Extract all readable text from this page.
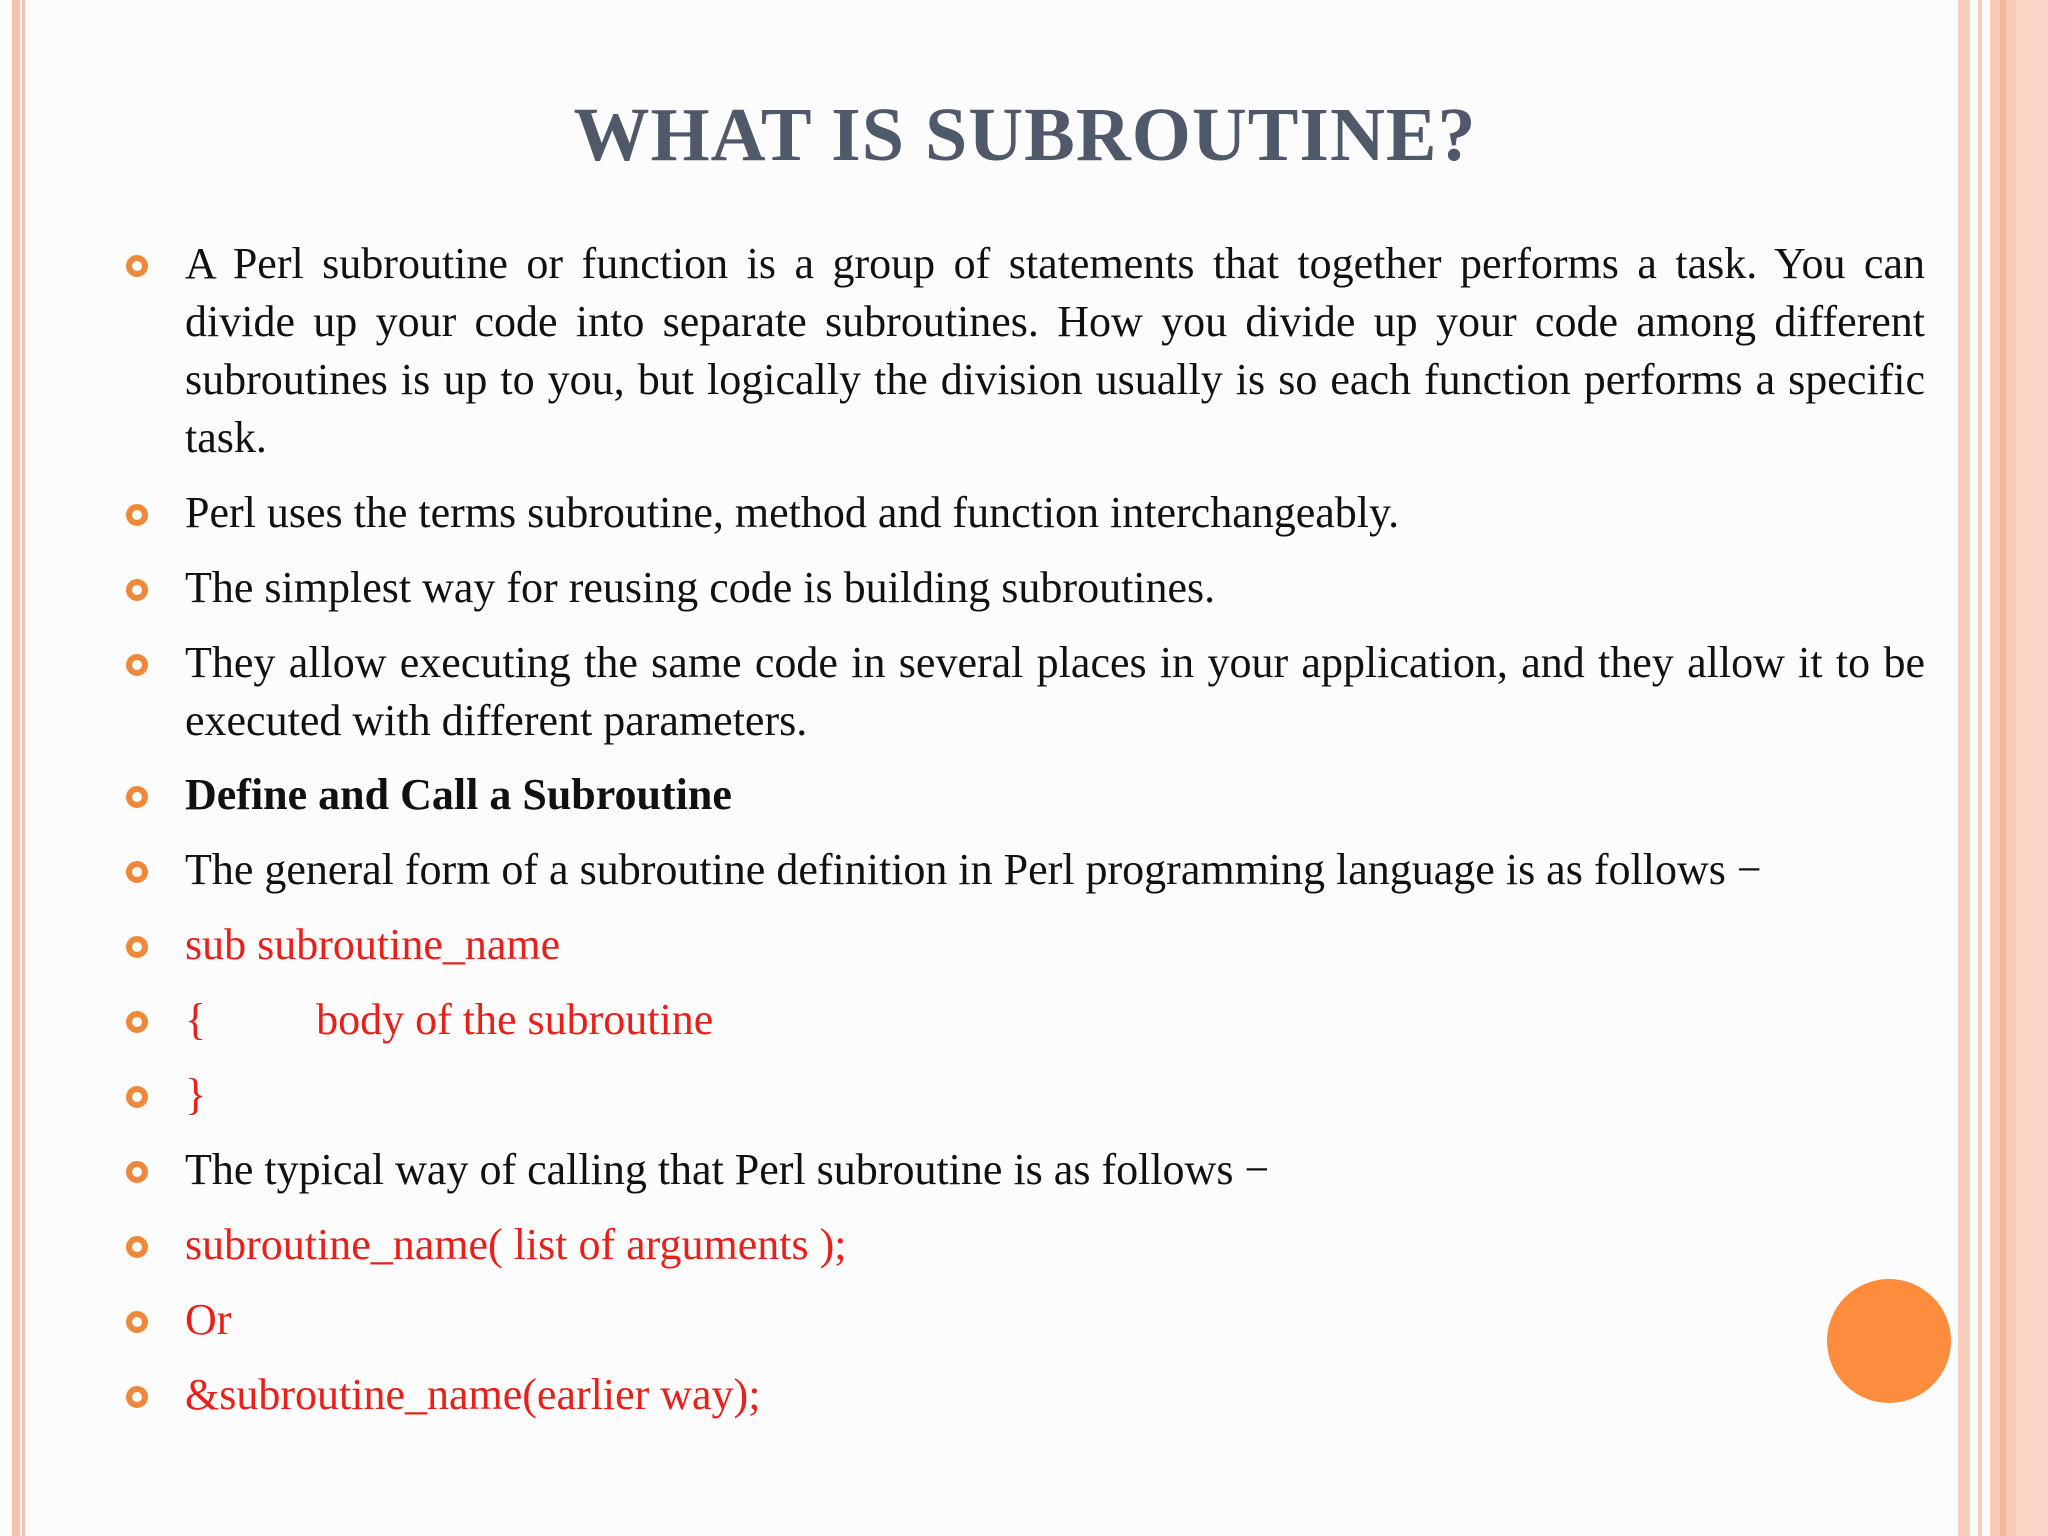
WHAT IS SUBROUTINE?
A Perl subroutine or function is a group of statements that together performs a task. You can divide up your code into separate subroutines. How you divide up your code among different subroutines is up to you, but logically the division usually is so each function performs a specific task.
Perl uses the terms subroutine, method and function interchangeably.
The simplest way for reusing code is building subroutines.
They allow executing the same code in several places in your application, and they allow it to be executed with different parameters.
Define and Call a Subroutine
The general form of a subroutine definition in Perl programming language is as follows −
sub subroutine_name
{          body of the subroutine
}
The typical way of calling that Perl subroutine is as follows −
subroutine_name( list of arguments );
Or
&subroutine_name(earlier way);
